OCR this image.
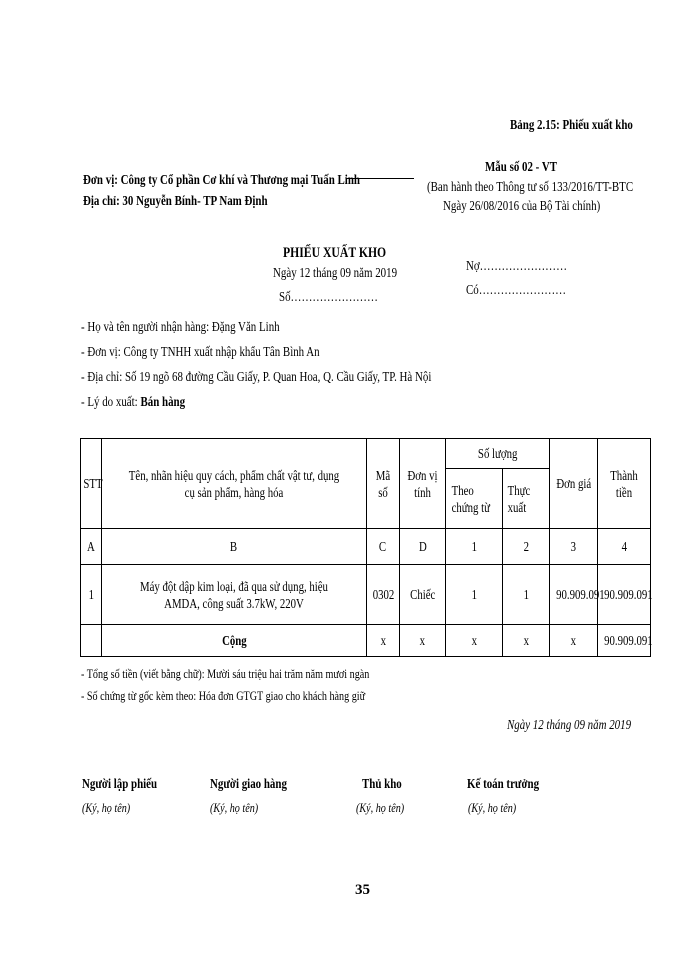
Bảng 2.15: Phiếu xuất kho
Đơn vị: Công ty Cổ phần Cơ khí và Thương mại Tuấn Linh
Địa chỉ: 30 Nguyễn Bính- TP Nam Định
Mẫu số 02 - VT
(Ban hành theo Thông tư số 133/2016/TT-BTC
Ngày 26/08/2016 của Bộ Tài chính)
PHIẾU XUẤT KHO
Ngày 12 tháng 09 năm 2019
Số……………………
Nợ……………………
Có……………………
- Họ và tên người nhận hàng: Đặng Văn Linh
- Đơn vị: Công ty TNHH xuất nhập khẩu Tân Bình An
- Địa chỉ: Số 19 ngõ 68 đường Cầu Giấy, P. Quan Hoa, Q. Cầu Giấy, TP. Hà Nội
- Lý do xuất: Bán hàng
STT	Tên, nhãn hiệu quy cách, phẩm chất vật tư, dụng cụ sản phẩm, hàng hóa	Mã số	Đơn vị tính	Số lượng		Đơn giá	Thành tiền

				Theo chứng từ	Thực xuất		

A	B	C	D	1	2	3	4
1	Máy đột dập kim loại, đã qua sử dụng, hiệu AMDA, công suất 3.7kW, 220V	0302	Chiếc	1	1	90.909.091	90.909.091
	Cộng	x	x	x	x	x	90.909.091
- Tổng số tiền (viết bằng chữ): Mười sáu triệu hai trăm năm mươi ngàn
- Số chứng từ gốc kèm theo: Hóa đơn GTGT giao cho khách hàng giữ
Ngày 12 tháng 09 năm 2019
Người lập phiếu
(Ký, họ tên)
Người giao hàng
(Ký, họ tên)
Thủ kho
(Ký, họ tên)
Kế toán trưởng
(Ký, họ tên)
35
